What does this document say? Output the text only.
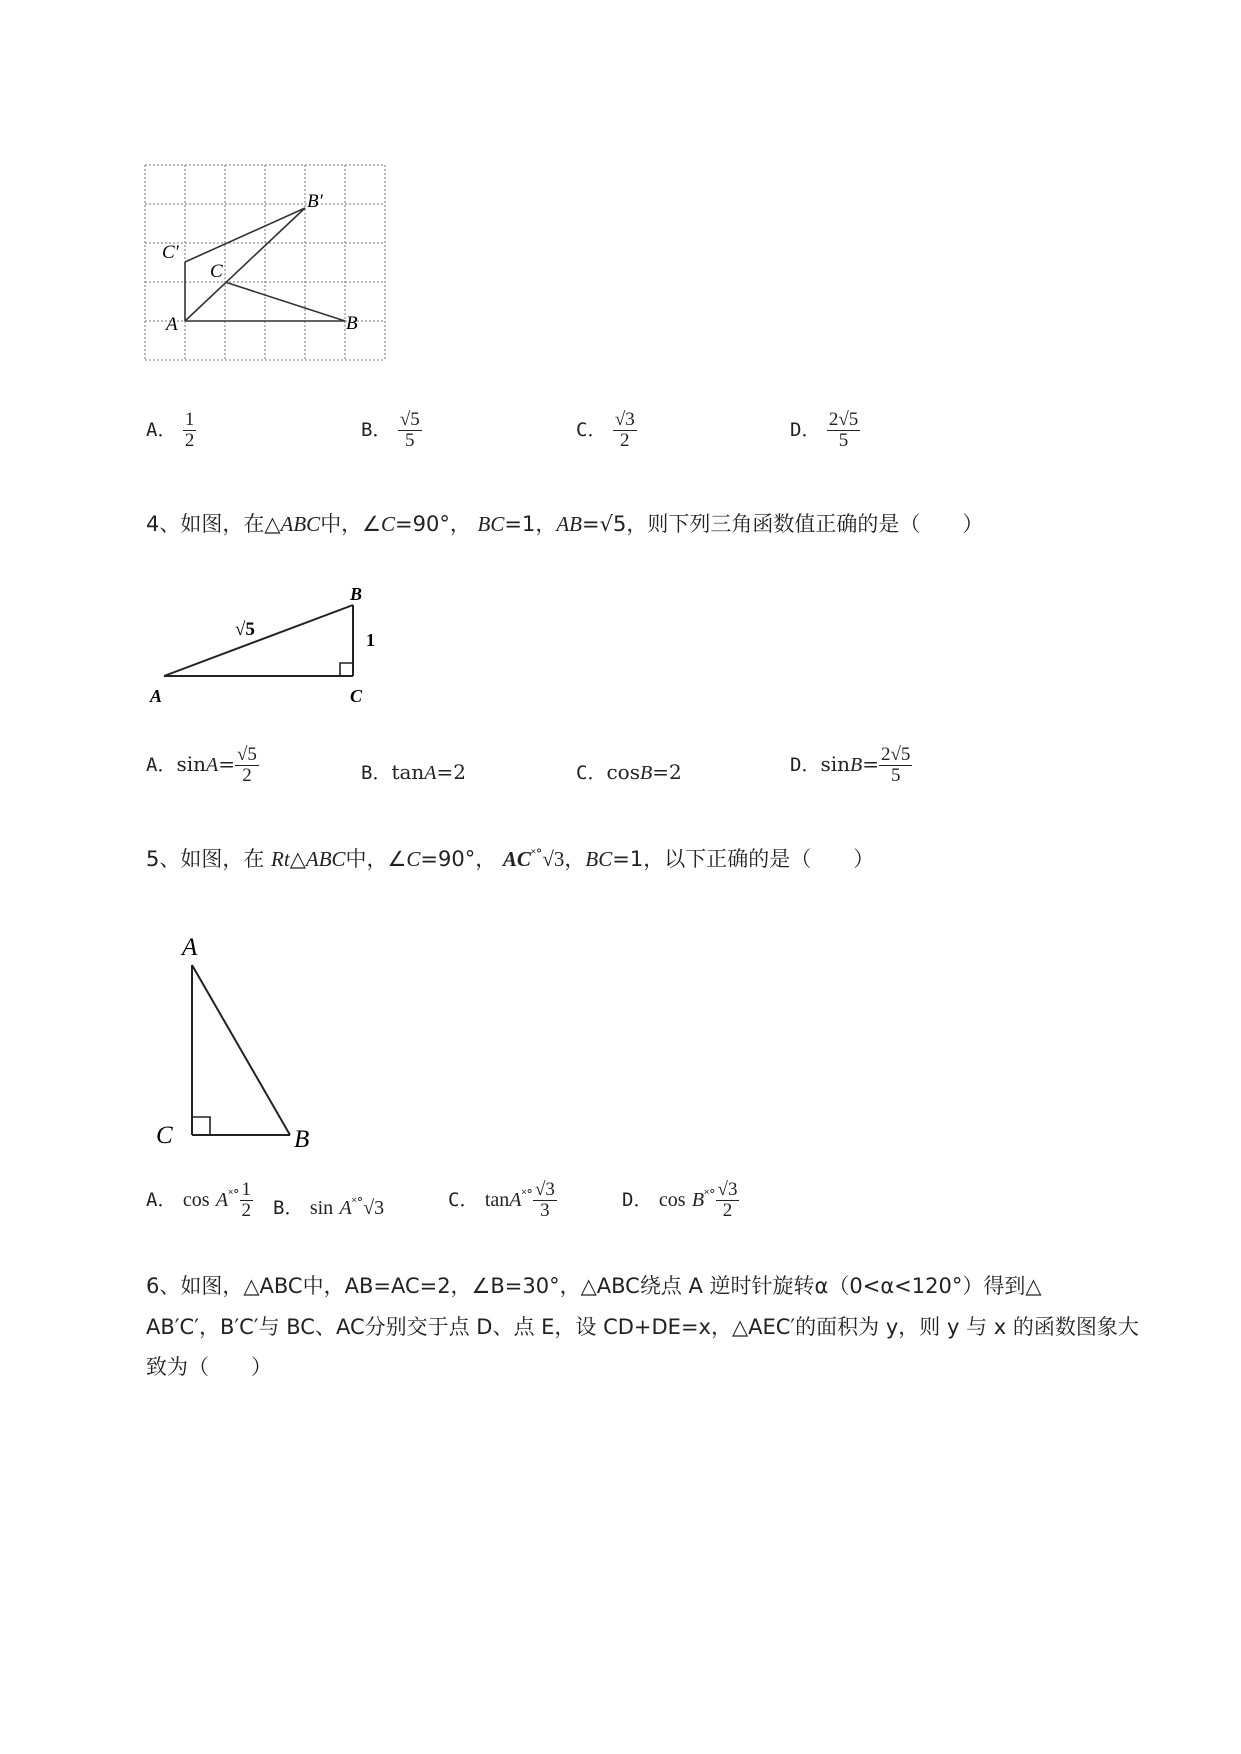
A	B
C
B′
C′
A． $\frac{1}{2}$	B． $\frac{√5}{5}$	C． $\frac{√3}{2}$	D． $\frac{2√5}{5}$
4、如图，在△ABC中，∠C=90°， BC=1，AB=√5，则下列三角函数值正确的是（　　）
A
B
C
√5	1
A．$\sin A= \frac{√5}{2}$	B．tanA=2	C．cosB=2	D．$\sin B= \frac{2√5}{5}$
5、如图，在 Rt△ABC中，∠C=90°， AC˟°√3，BC=1，以下正确的是（　　）
A
B
C
A． $\cos A^{˟^\circ} \frac{1}{2}$ B． sin A˟°√3	C． $\tan A^{˟^\circ} \frac{√3}{3}$	D． $\cos B^{˟^\circ} \frac{√3}{2}$
6、如图，△ABC中，AB=AC=2，∠B=30°，△ABC绕点 A 逆时针旋转α（0<α<120°）得到△
AB′C′，B′C′与 BC、AC分别交于点 D、点 E，设 CD+DE=x，△AEC′的面积为 y，则 y 与 x 的函数图象大
致为（　　）
